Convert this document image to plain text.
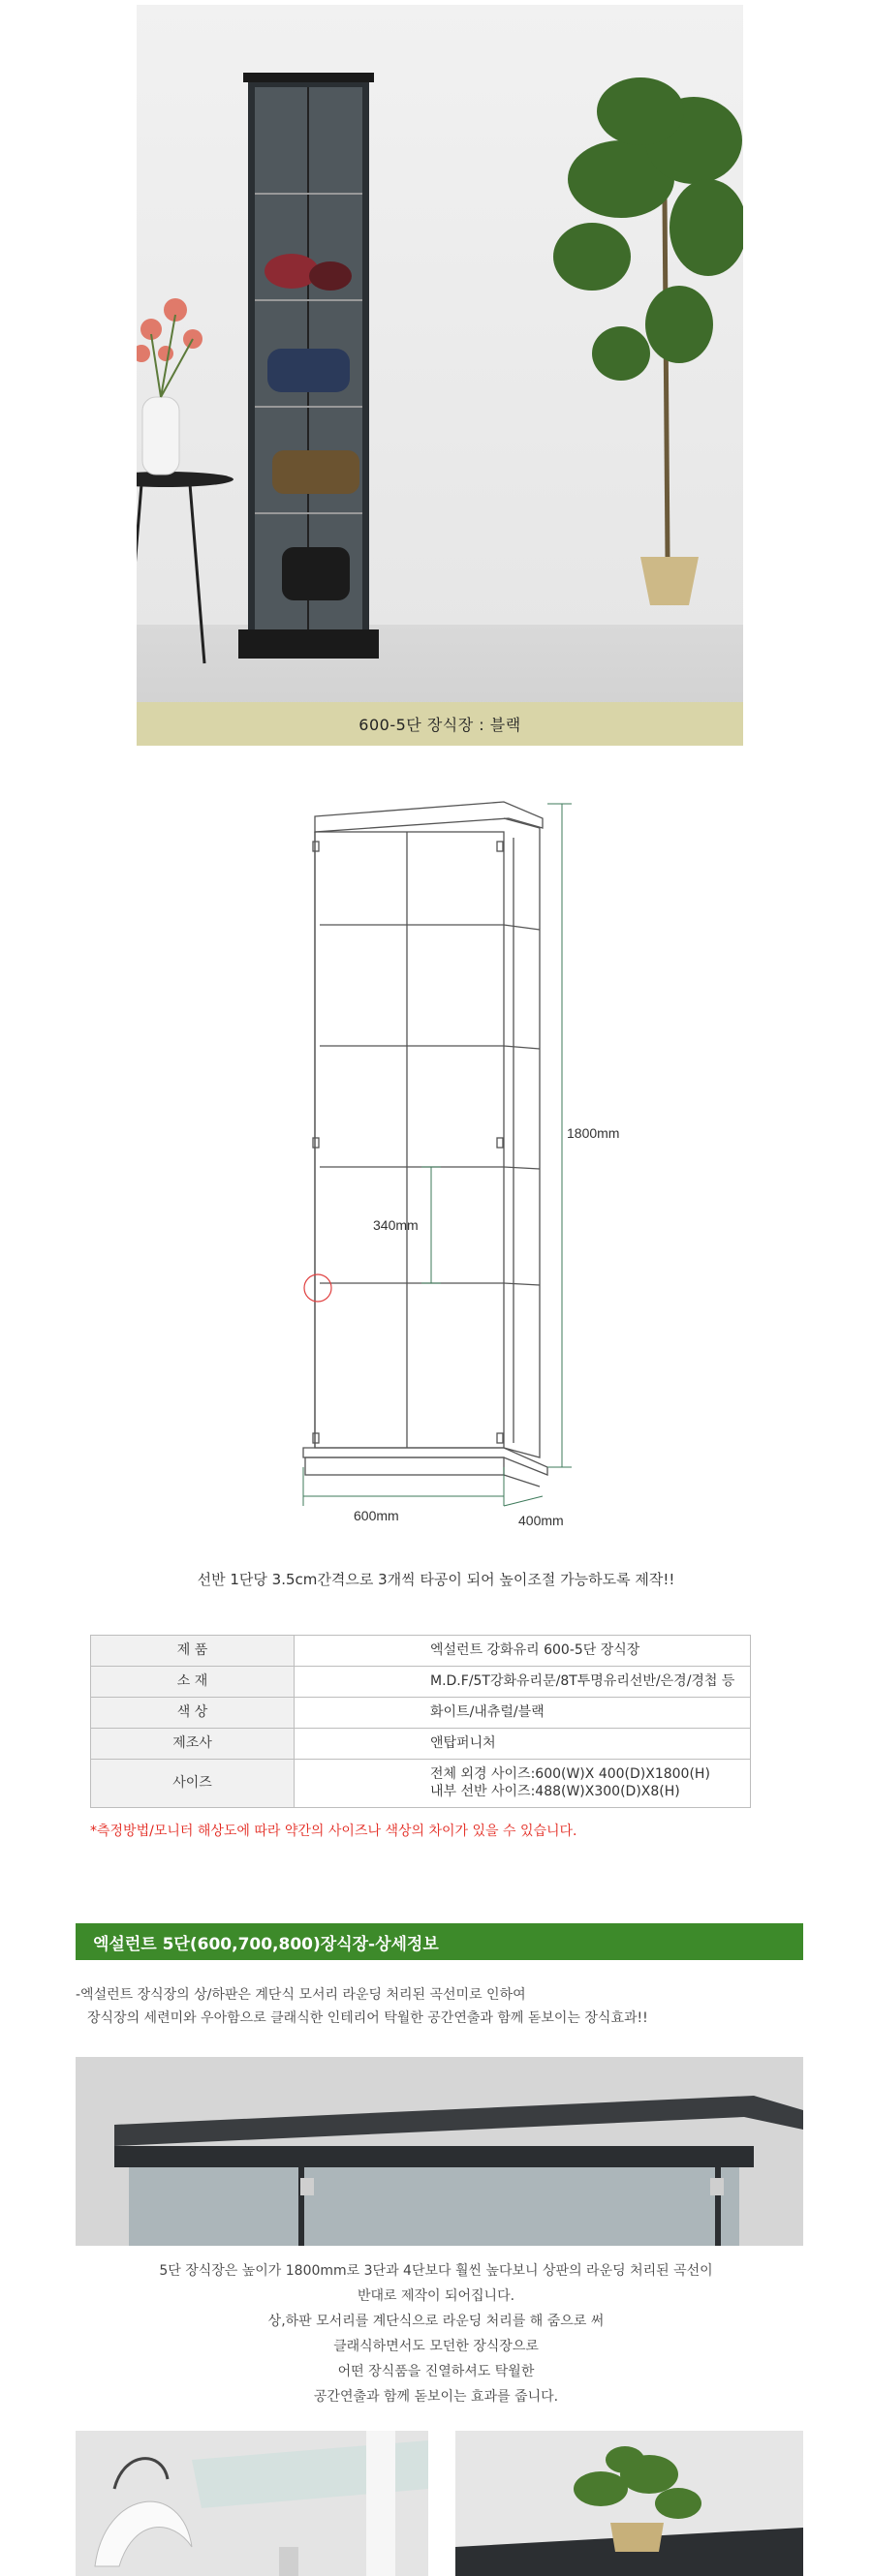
600-5단 장식장 : 블랙
1800mm
340mm
600mm	400mm
선반 1단당 3.5cm간격으로 3개씩 타공이 되어 높이조절 가능하도록 제작!!
제 품	엑설런트 강화유리 600-5단 장식장
소 재	M.D.F/5T강화유리문/8T투명유리선반/은경/경첩 등
색 상	화이트/내츄럴/블랙
제조사	앤탑퍼니처
사이즈	전체 외경 사이즈:600(W)X 400(D)X1800(H)
내부 선반 사이즈:488(W)X300(D)X8(H)
*측정방법/모니터 해상도에 따라 약간의 사이즈나 색상의 차이가 있을 수 있습니다.
엑설런트 5단(600,700,800)장식장-상세정보

-엑설런트 장식장의 상/하판은 계단식 모서리 라운딩 처리된 곡선미로 인하여

장식장의 세련미와 우아함으로 클래식한 인테리어 탁월한 공간연출과 함께 돋보이는 장식효과!!

5단 장식장은 높이가 1800mm로 3단과 4단보다 훨씬 높다보니 상판의 라운딩 처리된 곡선이

반대로 제작이 되어집니다.

상,하판 모서리를 계단식으로 라운딩 처리를 해 줌으로 써

클래식하면서도 모던한 장식장으로

어떤 장식품을 진열하셔도 탁월한

공간연출과 함께 돋보이는 효과를 줍니다.
